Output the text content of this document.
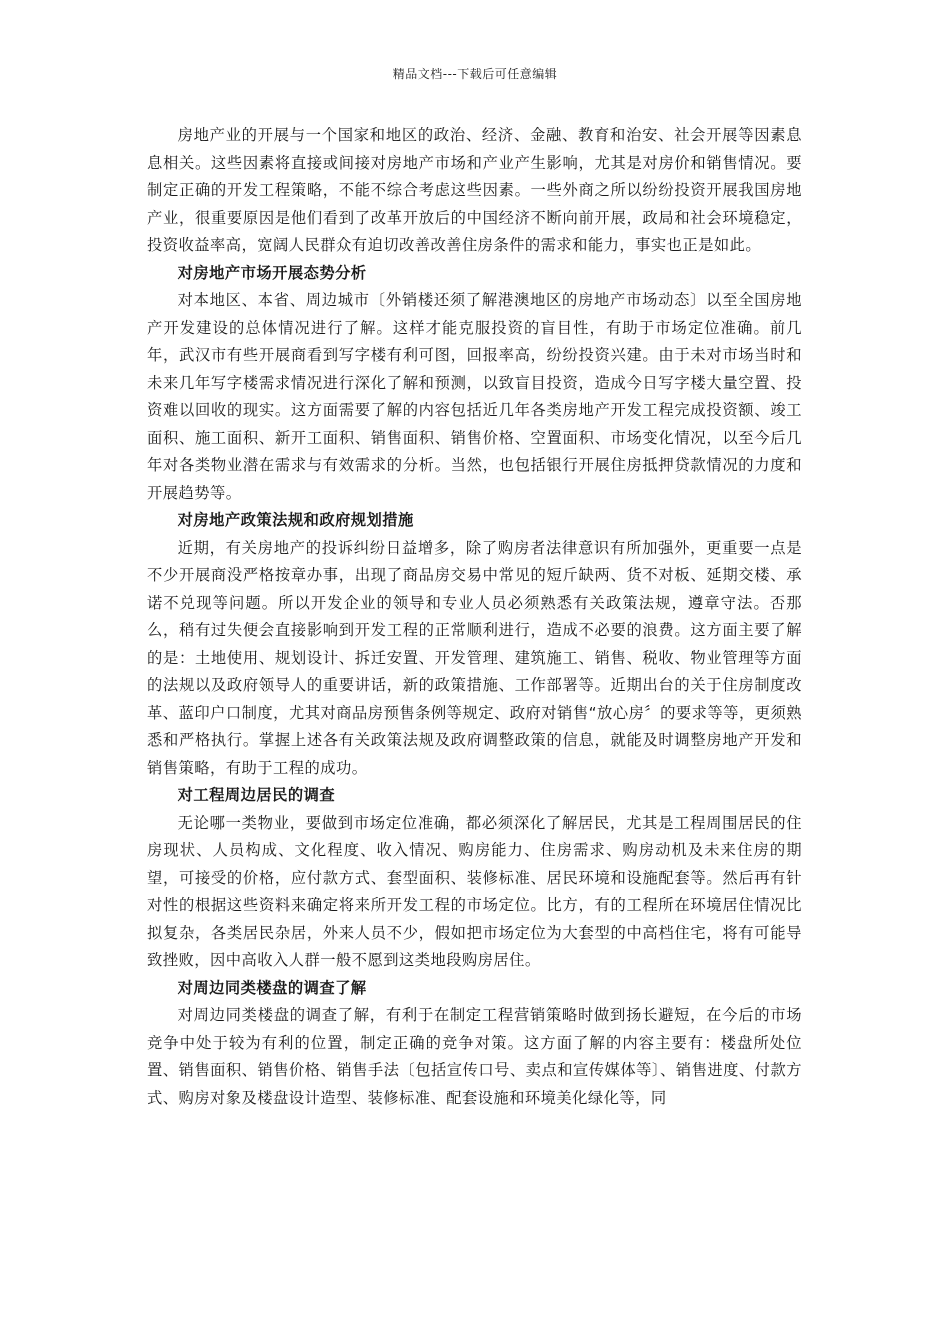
精品文档---下载后可任意编辑

房地产业的开展与一个国家和地区的政治、经济、金融、教育和治安、社会开展等因素息息相关。这些因素将直接或间接对房地产市场和产业产生影响，尤其是对房价和销售情况。要制定正确的开发工程策略，不能不综合考虑这些因素。一些外商之所以纷纷投资开展我国房地产业，很重要原因是他们看到了改革开放后的中国经济不断向前开展，政局和社会环境稳定，投资收益率高，宽阔人民群众有迫切改善改善住房条件的需求和能力，事实也正是如此。

对房地产市场开展态势分析

对本地区、本省、周边城市〔外销楼还须了解港澳地区的房地产市场动态〕以至全国房地产开发建设的总体情况进行了解。这样才能克服投资的盲目性，有助于市场定位准确。前几年，武汉市有些开展商看到写字楼有利可图，回报率高，纷纷投资兴建。由于未对市场当时和未来几年写字楼需求情况进行深化了解和预测，以致盲目投资，造成今日写字楼大量空置、投资难以回收的现实。这方面需要了解的内容包括近几年各类房地产开发工程完成投资额、竣工面积、施工面积、新开工面积、销售面积、销售价格、空置面积、市场变化情况，以至今后几年对各类物业潜在需求与有效需求的分析。当然，也包括银行开展住房抵押贷款情况的力度和开展趋势等。

对房地产政策法规和政府规划措施

近期，有关房地产的投诉纠纷日益增多，除了购房者法律意识有所加强外，更重要一点是不少开展商没严格按章办事，出现了商品房交易中常见的短斤缺两、货不对板、延期交楼、承诺不兑现等问题。所以开发企业的领导和专业人员必须熟悉有关政策法规，遵章守法。否那么，稍有过失便会直接影响到开发工程的正常顺利进行，造成不必要的浪费。这方面主要了解的是：土地使用、规划设计、拆迁安置、开发管理、建筑施工、销售、税收、物业管理等方面的法规以及政府领导人的重要讲话，新的政策措施、工作部署等。近期出台的关于住房制度改革、蓝印户口制度，尤其对商品房预售条例等规定、政府对销售“放心房〞的要求等等，更须熟悉和严格执行。掌握上述各有关政策法规及政府调整政策的信息，就能及时调整房地产开发和销售策略，有助于工程的成功。

对工程周边居民的调查

无论哪一类物业，要做到市场定位准确，都必须深化了解居民，尤其是工程周围居民的住房现状、人员构成、文化程度、收入情况、购房能力、住房需求、购房动机及未来住房的期望，可接受的价格，应付款方式、套型面积、装修标准、居民环境和设施配套等。然后再有针对性的根据这些资料来确定将来所开发工程的市场定位。比方，有的工程所在环境居住情况比拟复杂，各类居民杂居，外来人员不少，假如把市场定位为大套型的中高档住宅，将有可能导致挫败，因中高收入人群一般不愿到这类地段购房居住。

对周边同类楼盘的调查了解

对周边同类楼盘的调查了解，有利于在制定工程营销策略时做到扬长避短，在今后的市场竞争中处于较为有利的位置，制定正确的竞争对策。这方面了解的内容主要有：楼盘所处位置、销售面积、销售价格、销售手法〔包括宣传口号、卖点和宣传媒体等〕、销售进度、付款方式、购房对象及楼盘设计造型、装修标准、配套设施和环境美化绿化等，同
